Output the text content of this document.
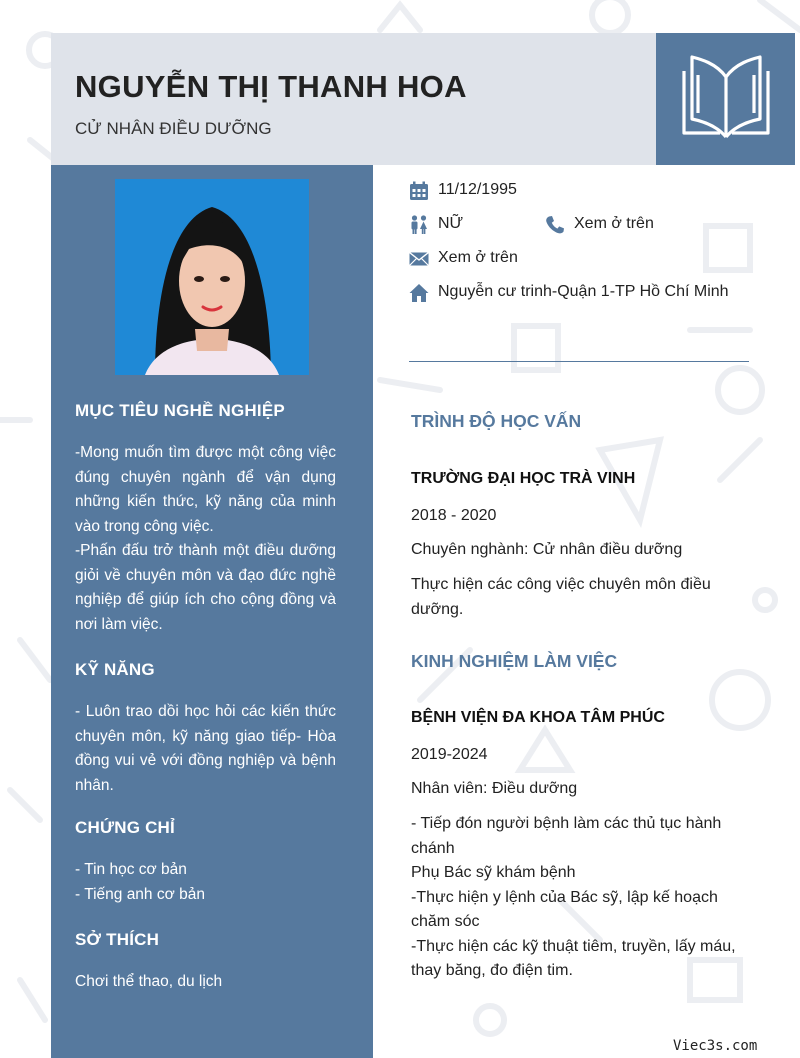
NGUYỄN THỊ THANH HOA
CỬ NHÂN ĐIỀU DƯỠNG
MỤC TIÊU NGHỀ NGHIỆP

-Mong muốn tìm được một công việc đúng chuyên ngành để vận dụng những kiến thức, kỹ năng của minh vào trong công việc.

-Phấn đấu trở thành một điều dưỡng giỏi về chuyên môn và đạo đức nghề nghiệp để giúp ích cho cộng đồng và nơi làm việc.

KỸ NĂNG

- Luôn trao dồi học hỏi các kiến thức chuyên môn, kỹ năng giao tiếp- Hòa đồng vui vẻ với đồng nghiệp và bệnh nhân.

CHỨNG CHỈ
- Tin học cơ bản
- Tiếng anh cơ bản
SỞ THÍCH

Chơi thể thao, du lịch

11/12/1995
NỮ	Xem ở trên
Xem ở trên
Nguyễn cư trinh-Quận 1-TP Hồ Chí Minh
TRÌNH ĐỘ HỌC VẤN
TRƯỜNG ĐẠI HỌC TRÀ VINH

2018 - 2020

Chuyên nghành: Cử nhân điều dưỡng

Thực hiện các công việc chuyên môn điều dưỡng.

KINH NGHIỆM LÀM VIỆC
BỆNH VIỆN ĐA KHOA TÂM PHÚC

2019-2024

Nhân viên: Điều dưỡng

- Tiếp đón người bệnh làm các thủ tục hành chánh
Phụ Bác sỹ khám bệnh
-Thực hiện y lệnh của Bác sỹ, lập kế hoạch chăm sóc
-Thực hiện các kỹ thuật tiêm, truyền, lấy máu, thay băng, đo điện tim.
Viec3s.com
